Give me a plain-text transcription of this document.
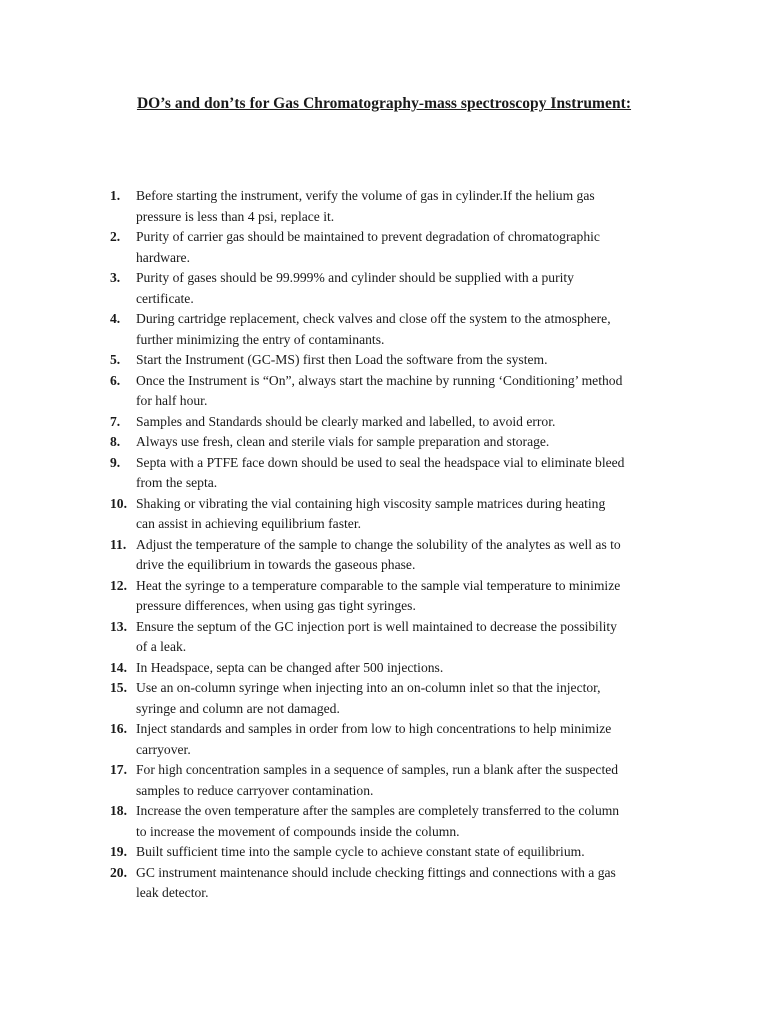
DO’s and don’ts for Gas Chromatography-mass spectroscopy Instrument:
1.	Before starting the instrument, verify the volume of gas in cylinder.If the helium gas
pressure is less than 4 psi, replace it.
2.	Purity of carrier gas should be maintained to prevent degradation of chromatographic
hardware.
3.	Purity of gases should be 99.999% and cylinder should be supplied with a purity
certificate.
4.	During cartridge replacement, check valves and close off the system to the atmosphere,
further minimizing the entry of contaminants.
5.	Start the Instrument (GC-MS) first then Load the software from the system.
6.	Once the Instrument is “On”, always start the machine by running ‘Conditioning’ method
for half hour.
7.	Samples and Standards should be clearly marked and labelled, to avoid error.
8.	Always use fresh, clean and sterile vials for sample preparation and storage.
9.	Septa with a PTFE face down should be used to seal the headspace vial to eliminate bleed
from the septa.
10. Shaking or vibrating the vial containing high viscosity sample matrices during heating
can assist in achieving equilibrium faster.
11. Adjust the temperature of the sample to change the solubility of the analytes as well as to
drive the equilibrium in towards the gaseous phase.
12. Heat the syringe to a temperature comparable to the sample vial temperature to minimize
pressure differences, when using gas tight syringes.
13. Ensure the septum of the GC injection port is well maintained to decrease the possibility
of a leak.
14. In Headspace, septa can be changed after 500 injections.
15. Use an on-column syringe when injecting into an on-column inlet so that the injector,
syringe and column are not damaged.
16. Inject standards and samples in order from low to high concentrations to help minimize
carryover.
17. For high concentration samples in a sequence of samples, run a blank after the suspected
samples to reduce carryover contamination.
18. Increase the oven temperature after the samples are completely transferred to the column
to increase the movement of compounds inside the column.
19. Built sufficient time into the sample cycle to achieve constant state of equilibrium.
20. GC instrument maintenance should include checking fittings and connections with a gas
leak detector.
